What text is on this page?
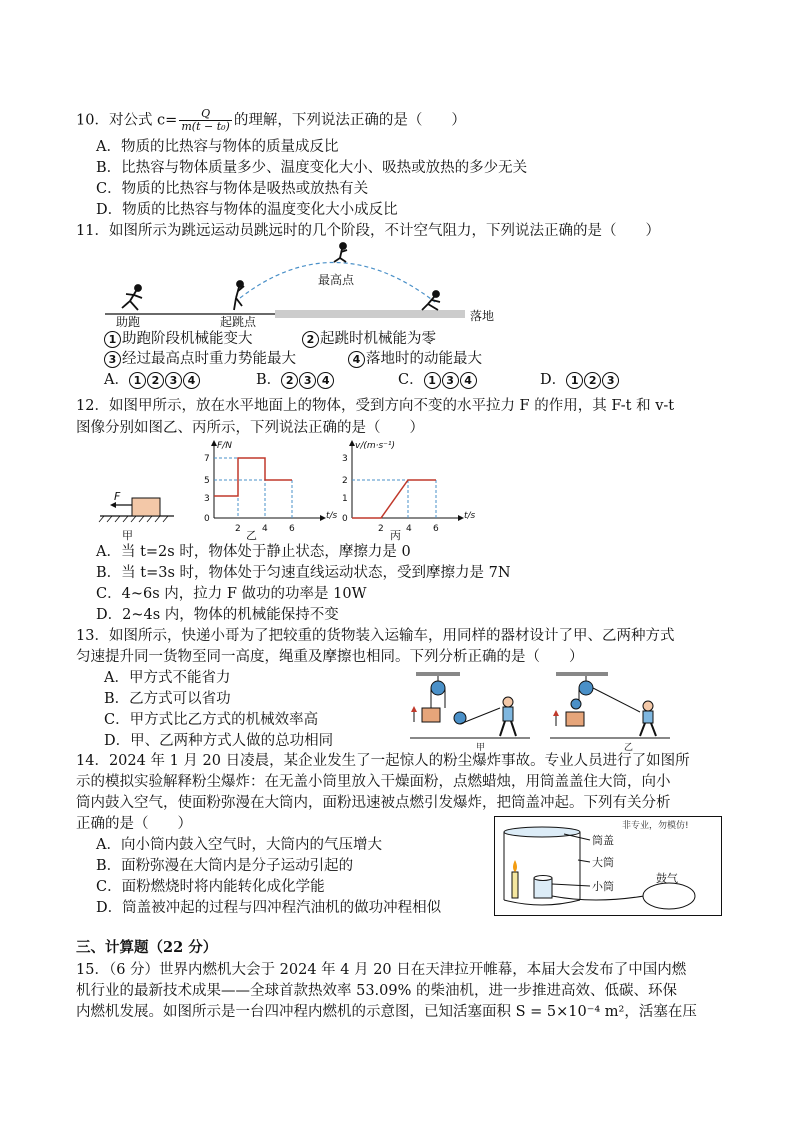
10．对公式 $c= \frac{Q}{\text{m(t − t₀)}}$ 的理解，下列说法正确的是（　　）
A．物质的比热容与物体的质量成反比
B．比热容与物体质量多少、温度变化大小、吸热或放热的多少无关
C．物质的比热容与物体是吸热或放热有关
D．物质的比热容与物体的温度变化大小成反比
11．如图所示为跳远运动员跳远时的几个阶段，不计空气阻力，下列说法正确的是（　　）
最高点
助跑	起跳点	落地
1 助跑阶段机械能变大	2 起跳时机械能为零
3 经过最高点时重力势能最大	4 落地时的动能最大
A． 1 2 3 4	B． 2 3 4	C． 1 3 4	D． 1 2 3
12．如图甲所示，放在水平地面上的物体，受到方向不变的水平拉力 F 的作用，其 F-t 和 v-t
图像分别如图乙、丙所示，下列说法正确的是（　　）
F
甲
F/N
t/s
7
5
3
0
2 4 6
乙
v/(m·s⁻¹)
t/s
3
2
1
0
2 4 6
丙
A．当 t=2s 时，物体处于静止状态，摩擦力是 0
B．当 t=3s 时，物体处于匀速直线运动状态，受到摩擦力是 7N
C．4~6s 内，拉力 F 做功的功率是 10W
D．2~4s 内，物体的机械能保持不变
13．如图所示，快递小哥为了把较重的货物装入运输车，用同样的器材设计了甲、乙两种方式
匀速提升同一货物至同一高度，绳重及摩擦也相同。下列分析正确的是（　　）
A．甲方式不能省力
B．乙方式可以省功
C．甲方式比乙方式的机械效率高
D．甲、乙两种方式人做的总功相同	甲	乙
14．2024 年 1 月 20 日凌晨，某企业发生了一起惊人的粉尘爆炸事故。专业人员进行了如图所
示的模拟实验解释粉尘爆炸：在无盖小筒里放入干燥面粉，点燃蜡烛，用筒盖盖住大筒，向小
筒内鼓入空气，使面粉弥漫在大筒内，面粉迅速被点燃引发爆炸，把筒盖冲起。下列有关分析
正确的是（　　）
A．向小筒内鼓入空气时，大筒内的气压增大
B．面粉弥漫在大筒内是分子运动引起的
C．面粉燃烧时将内能转化成化学能
D．筒盖被冲起的过程与四冲程汽油机的做功冲程相似
非专业，勿模仿!
筒盖
大筒
小筒
鼓气
三、计算题（22 分）
15．（6 分）世界内燃机大会于 2024 年 4 月 20 日在天津拉开帷幕，本届大会发布了中国内燃
机行业的最新技术成果——全球首款热效率 53.09% 的柴油机，进一步推进高效、低碳、环保
内燃机发展。如图所示是一台四冲程内燃机的示意图，已知活塞面积 S = 5×10⁻⁴ m²，活塞在压
